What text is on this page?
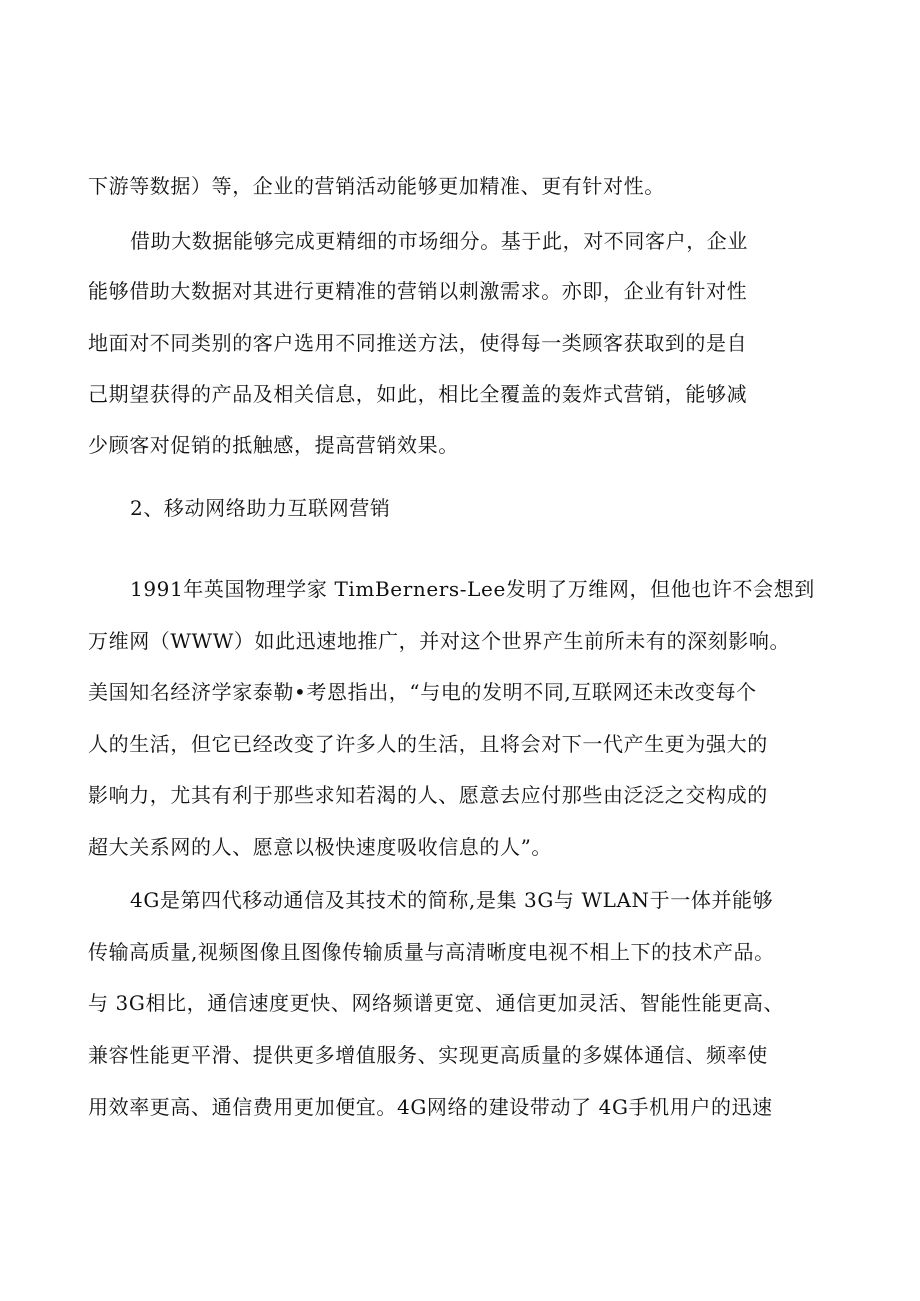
下游等数据）等，企业的营销活动能够更加精准、更有针对性。
借助大数据能够完成更精细的市场细分。基于此，对不同客户，企业
能够借助大数据对其进行更精准的营销以刺激需求。亦即，企业有针对性
地面对不同类别的客户选用不同推送方法，使得每一类顾客获取到的是自
己期望获得的产品及相关信息，如此，相比全覆盖的轰炸式营销，能够减
少顾客对促销的抵触感，提高营销效果。
2、移动网络助力互联网营销
1991年英国物理学家 TimBerners-Lee发明了万维网，但他也许不会想到
万维网（WWW）如此迅速地推广，并对这个世界产生前所未有的深刻影响。
美国知名经济学家泰勒•考恩指出，“与电的发明不同,互联网还未改变每个
人的生活，但它已经改变了许多人的生活，且将会对下一代产生更为强大的
影响力，尤其有利于那些求知若渴的人、愿意去应付那些由泛泛之交构成的
超大关系网的人、愿意以极快速度吸收信息的人”。
4G是第四代移动通信及其技术的简称,是集 3G与 WLAN于一体并能够
传输高质量,视频图像且图像传输质量与高清晰度电视不相上下的技术产品。
与 3G相比，通信速度更快、网络频谱更宽、通信更加灵活、智能性能更高、
兼容性能更平滑、提供更多增值服务、实现更高质量的多媒体通信、频率使
用效率更高、通信费用更加便宜。4G网络的建设带动了 4G手机用户的迅速
